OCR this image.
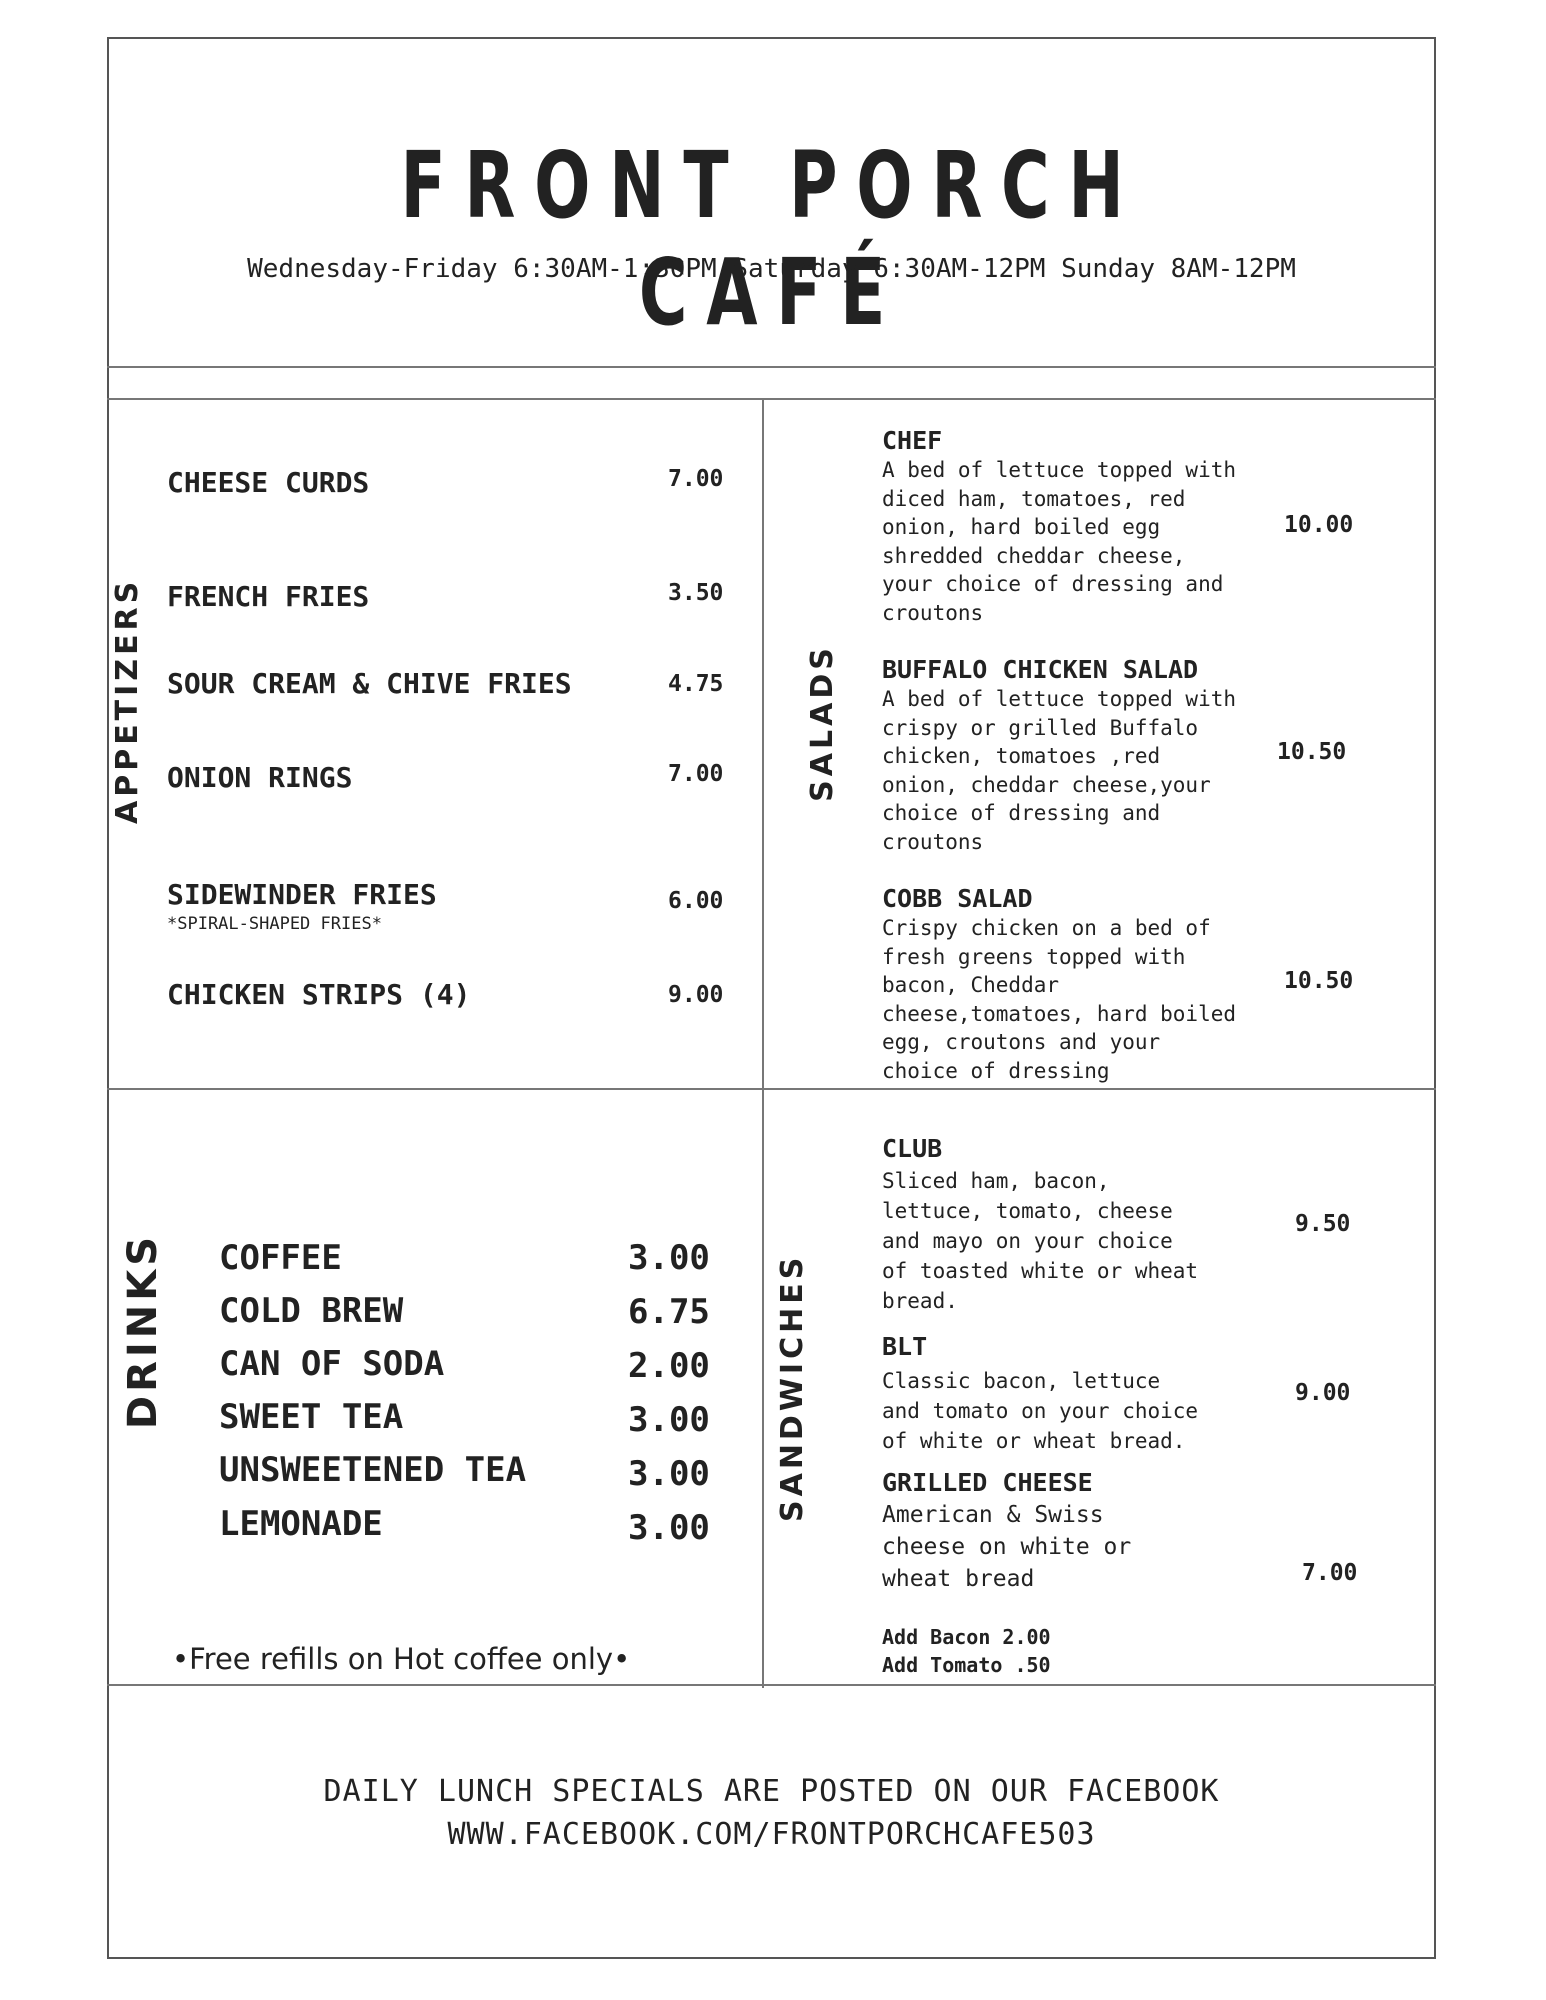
FRONT PORCH CAFÉ
Wednesday-Friday 6:30AM-1:30PM Saturday 6:30AM-12PM Sunday 8AM-12PM
APPETIZERS
CHEESE CURDS	7.00
FRENCH FRIES	3.50
SOUR CREAM & CHIVE FRIES	4.75
ONION RINGS	7.00
SIDEWINDER FRIES	6.00
*SPIRAL-SHAPED FRIES*
CHICKEN STRIPS (4)	9.00
SALADS
CHEF
A bed of lettuce topped with
diced ham, tomatoes, red
onion, hard boiled egg
shredded cheddar cheese,
your choice of dressing and
croutons
10.00
BUFFALO CHICKEN SALAD
A bed of lettuce topped with
crispy or grilled Buffalo
chicken, tomatoes ,red
onion, cheddar cheese,your
choice of dressing and
croutons
10.50
COBB SALAD
Crispy chicken on a bed of
fresh greens topped with
bacon, Cheddar
cheese,tomatoes, hard boiled
egg, croutons and your
choice of dressing
10.50
DRINKS COFFEE	3.00
COLD BREW	6.75
CAN OF SODA	2.00
SWEET TEA	3.00
UNSWEETENED TEA	3.00
LEMONADE	3.00
•Free refills on Hot coffee only•
SANDWICHES
CLUB
Sliced ham, bacon,
lettuce, tomato, cheese
and mayo on your choice
of toasted white or wheat
bread.
9.50
BLT
Classic bacon, lettuce
and tomato on your choice
of white or wheat bread.
9.00
GRILLED CHEESE
American & Swiss
cheese on white or
wheat bread	7.00
Add Bacon 2.00
Add Tomato .50
DAILY LUNCH SPECIALS ARE POSTED ON OUR FACEBOOK
WWW.FACEBOOK.COM/FRONTPORCHCAFE503
